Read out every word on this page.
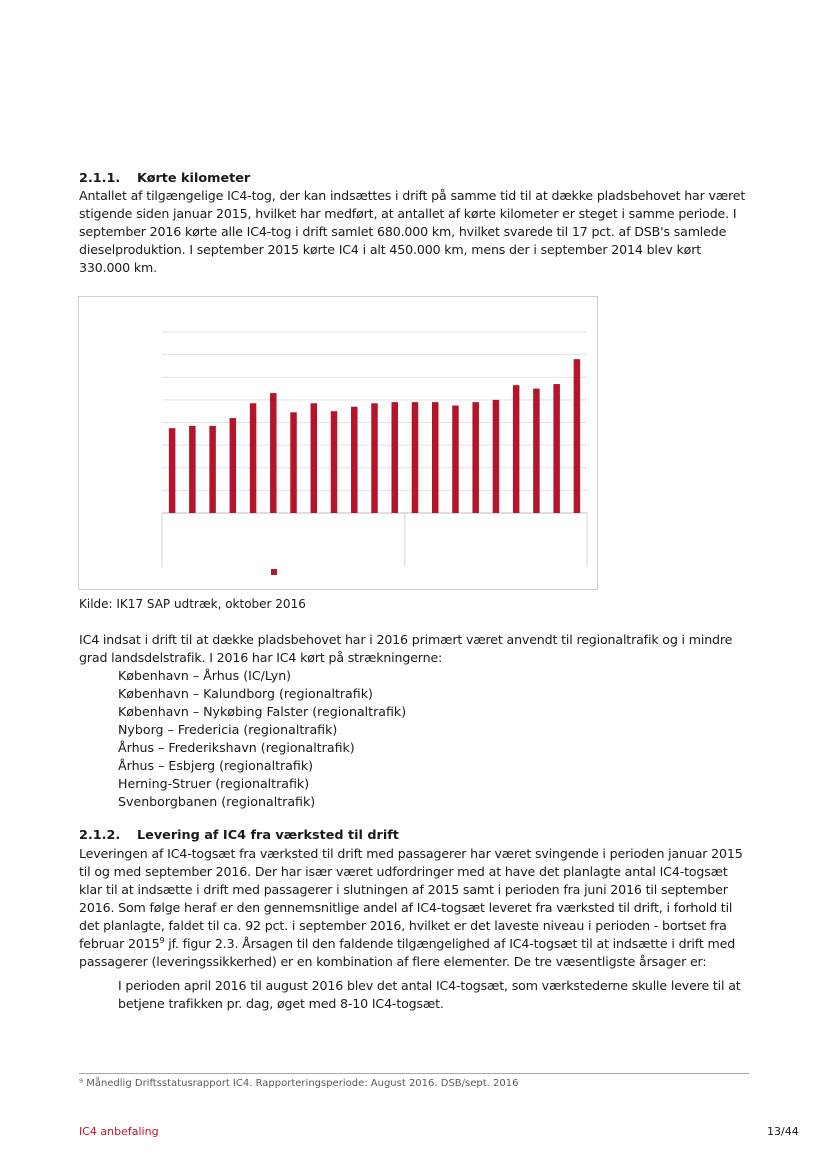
2.1.1. Kørte kilometer

Antallet af tilgængelige IC4-tog, der kan indsættes i drift på samme tid til at dække pladsbehovet har været stigende siden januar 2015, hvilket har medført, at antallet af kørte kilometer er steget i samme periode. I september 2016 kørte alle IC4-tog i drift samlet 680.000 km, hvilket svarede til 17 pct. af DSB's samlede dieselproduktion. I september 2015 kørte IC4 i alt 450.000 km, mens der i september 2014 blev kørt 330.000 km.

Kilde: IK17 SAP udtræk, oktober 2016

IC4 indsat i drift til at dække pladsbehovet har i 2016 primært været anvendt til regionaltrafik og i mindre grad landsdelstrafik. I 2016 har IC4 kørt på strækningerne:

København – Århus (IC/Lyn)
København – Kalundborg (regionaltrafik)
København – Nykøbing Falster (regionaltrafik)
Nyborg – Fredericia (regionaltrafik)
Århus – Frederikshavn (regionaltrafik)
Århus – Esbjerg (regionaltrafik)
Herning-Struer (regionaltrafik)
Svenborgbanen (regionaltrafik)
2.1.2. Levering af IC4 fra værksted til drift

Leveringen af IC4-togsæt fra værksted til drift med passagerer har været svingende i perioden januar 2015 til og med september 2016. Der har især været udfordringer med at have det planlagte antal IC4-togsæt klar til at indsætte i drift med passagerer i slutningen af 2015 samt i perioden fra juni 2016 til september 2016. Som følge heraf er den gennemsnitlige andel af IC4-togsæt leveret fra værksted til drift, i forhold til det planlagte, faldet til ca. 92 pct. i september 2016, hvilket er det laveste niveau i perioden - bortset fra februar 2015$^9$ jf. figur 2.3. Årsagen til den faldende tilgængelighed af IC4-togsæt til at indsætte i drift med passagerer (leveringssikkerhed) er en kombination af flere elementer. De tre væsentligste årsager er:

I perioden april 2016 til august 2016 blev det antal IC4-togsæt, som værkstederne skulle levere til at betjene trafikken pr. dag, øget med 8-10 IC4-togsæt.

⁹ Månedlig Driftsstatusrapport IC4. Rapporteringsperiode: August 2016. DSB/sept. 2016
IC4 anbefaling	13/44
